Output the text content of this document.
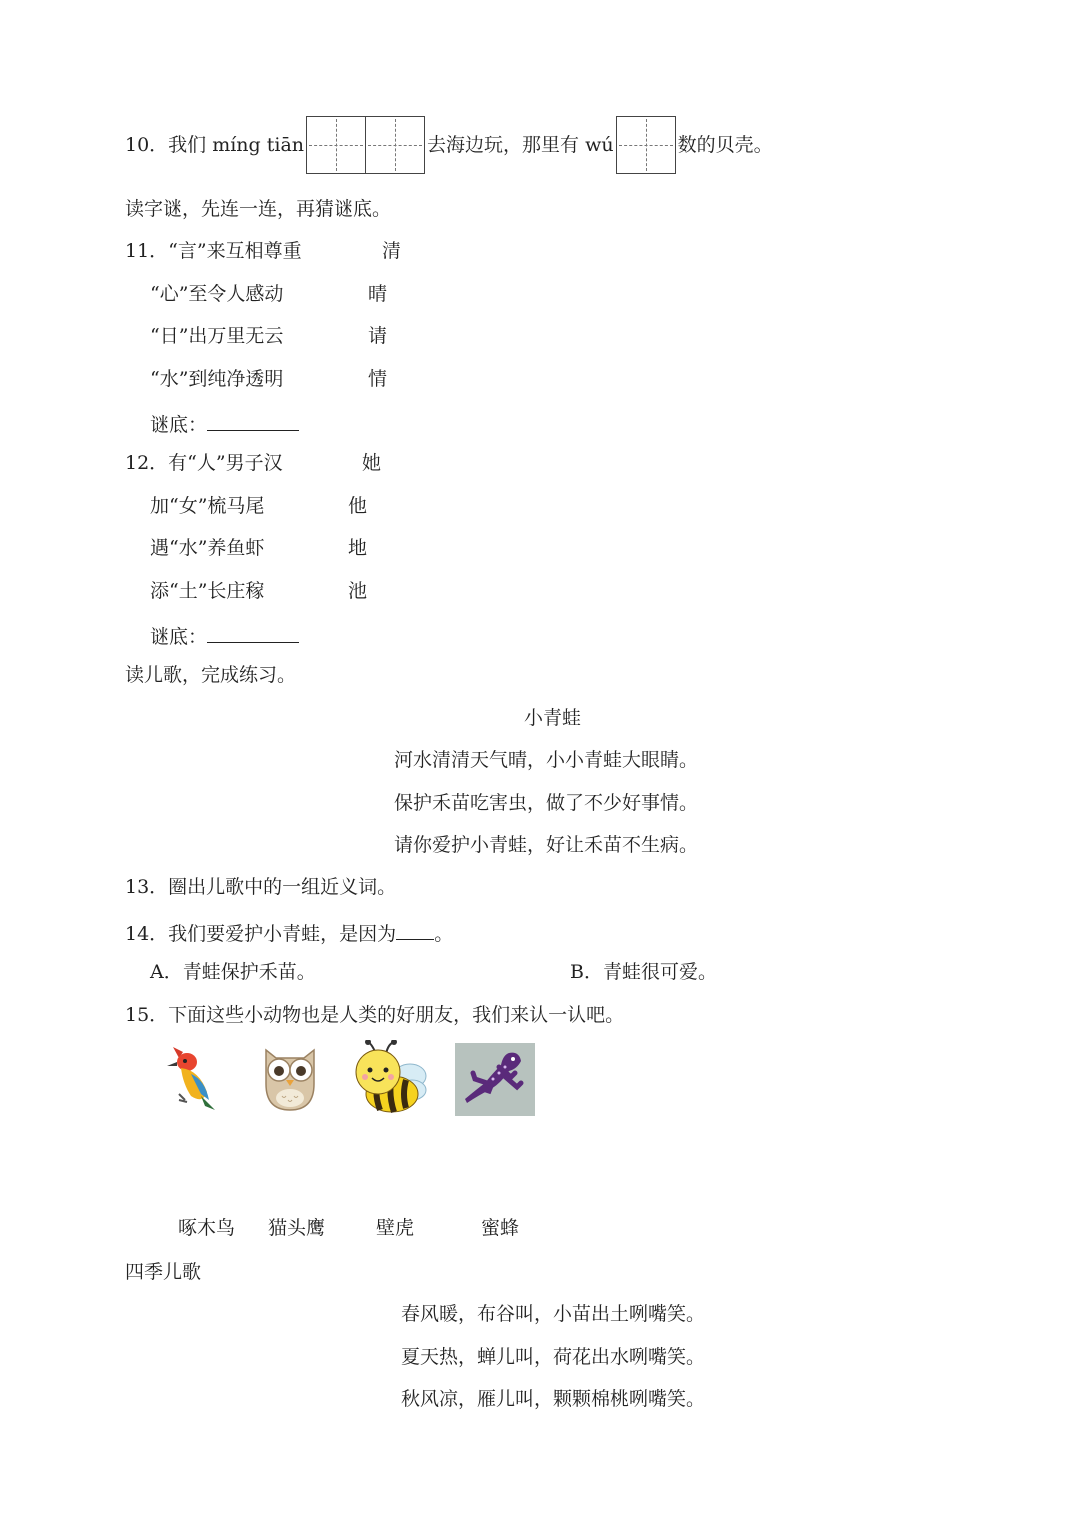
10．我们 míng tiān	去海边玩，那里有 wú	数的贝壳。
读字谜，先连一连，再猜谜底。
11．“言”来互相尊重	清
“心”至令人感动	晴
“日”出万里无云	请
“水”到纯净透明	情
谜底：
12．有“人”男子汉	她
加“女”梳马尾	他
遇“水”养鱼虾	地
添“土”长庄稼	池
谜底：
读儿歌，完成练习。
小青蛙
河水清清天气晴，小小青蛙大眼睛。
保护禾苗吃害虫，做了不少好事情。
请你爱护小青蛙，好让禾苗不生病。
13．圈出儿歌中的一组近义词。
14．我们要爱护小青蛙，是因为 。
A．青蛙保护禾苗。	B．青蛙很可爱。
15．下面这些小动物也是人类的好朋友，我们来认一认吧。
啄木鸟 猫头鹰	壁虎	蜜蜂
四季儿歌
春风暖，布谷叫，小苗出土咧嘴笑。
夏天热，蝉儿叫，荷花出水咧嘴笑。
秋风凉，雁儿叫，颗颗棉桃咧嘴笑。
